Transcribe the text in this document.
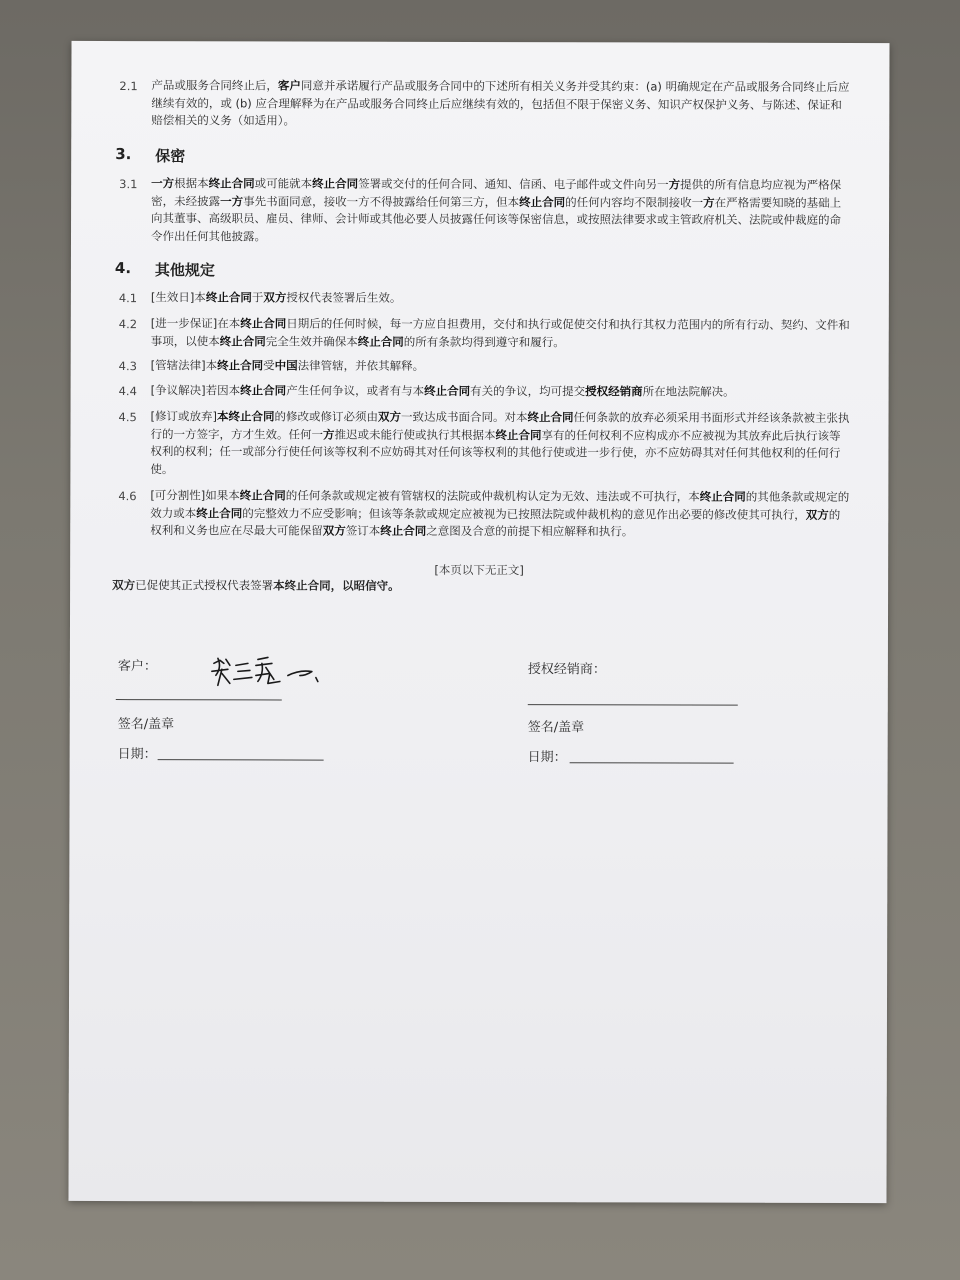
2.1 产品或服务合同终止后，客户同意并承诺履行产品或服务合同中的下述所有相关义务并受其约束：(a) 明确规定在产品或服务合同终止后应继续有效的，或 (b) 应合理解释为在产品或服务合同终止后应继续有效的，包括但不限于保密义务、知识产权保护义务、与陈述、保证和赔偿相关的义务（如适用）。
3. 保密
3.1 一方根据本终止合同或可能就本终止合同签署或交付的任何合同、通知、信函、电子邮件或文件向另一方提供的所有信息均应视为严格保密，未经披露一方事先书面同意，接收一方不得披露给任何第三方，但本终止合同的任何内容均不限制接收一方在严格需要知晓的基础上向其董事、高级职员、雇员、律师、会计师或其他必要人员披露任何该等保密信息，或按照法律要求或主管政府机关、法院或仲裁庭的命令作出任何其他披露。
4. 其他规定
4.1 [生效日]本终止合同于双方授权代表签署后生效。
4.2 [进一步保证]在本终止合同日期后的任何时候，每一方应自担费用，交付和执行或促使交付和执行其权力范围内的所有行动、契约、文件和事项，以使本终止合同完全生效并确保本终止合同的所有条款均得到遵守和履行。
4.3 [管辖法律]本终止合同受中国法律管辖，并依其解释。
4.4 [争议解决]若因本终止合同产生任何争议，或者有与本终止合同有关的争议，均可提交授权经销商所在地法院解决。
4.5 [修订或放弃]本终止合同的修改或修订必须由双方一致达成书面合同。对本终止合同任何条款的放弃必须采用书面形式并经该条款被主张执行的一方签字，方才生效。任何一方推迟或未能行使或执行其根据本终止合同享有的任何权利不应构成亦不应被视为其放弃此后执行该等权利的权利；任一或部分行使任何该等权利不应妨碍其对任何该等权利的其他行使或进一步行使，亦不应妨碍其对任何其他权利的任何行使。
4.6 [可分割性]如果本终止合同的任何条款或规定被有管辖权的法院或仲裁机构认定为无效、违法或不可执行，本终止合同的其他条款或规定的效力或本终止合同的完整效力不应受影响；但该等条款或规定应被视为已按照法院或仲裁机构的意见作出必要的修改使其可执行，双方的权利和义务也应在尽最大可能保留双方签订本终止合同之意图及合意的前提下相应解释和执行。
[本页以下无正文]
双方已促使其正式授权代表签署本终止合同，以昭信守。
客户：
签名/盖章
日期：
授权经销商：
签名/盖章
日期：
